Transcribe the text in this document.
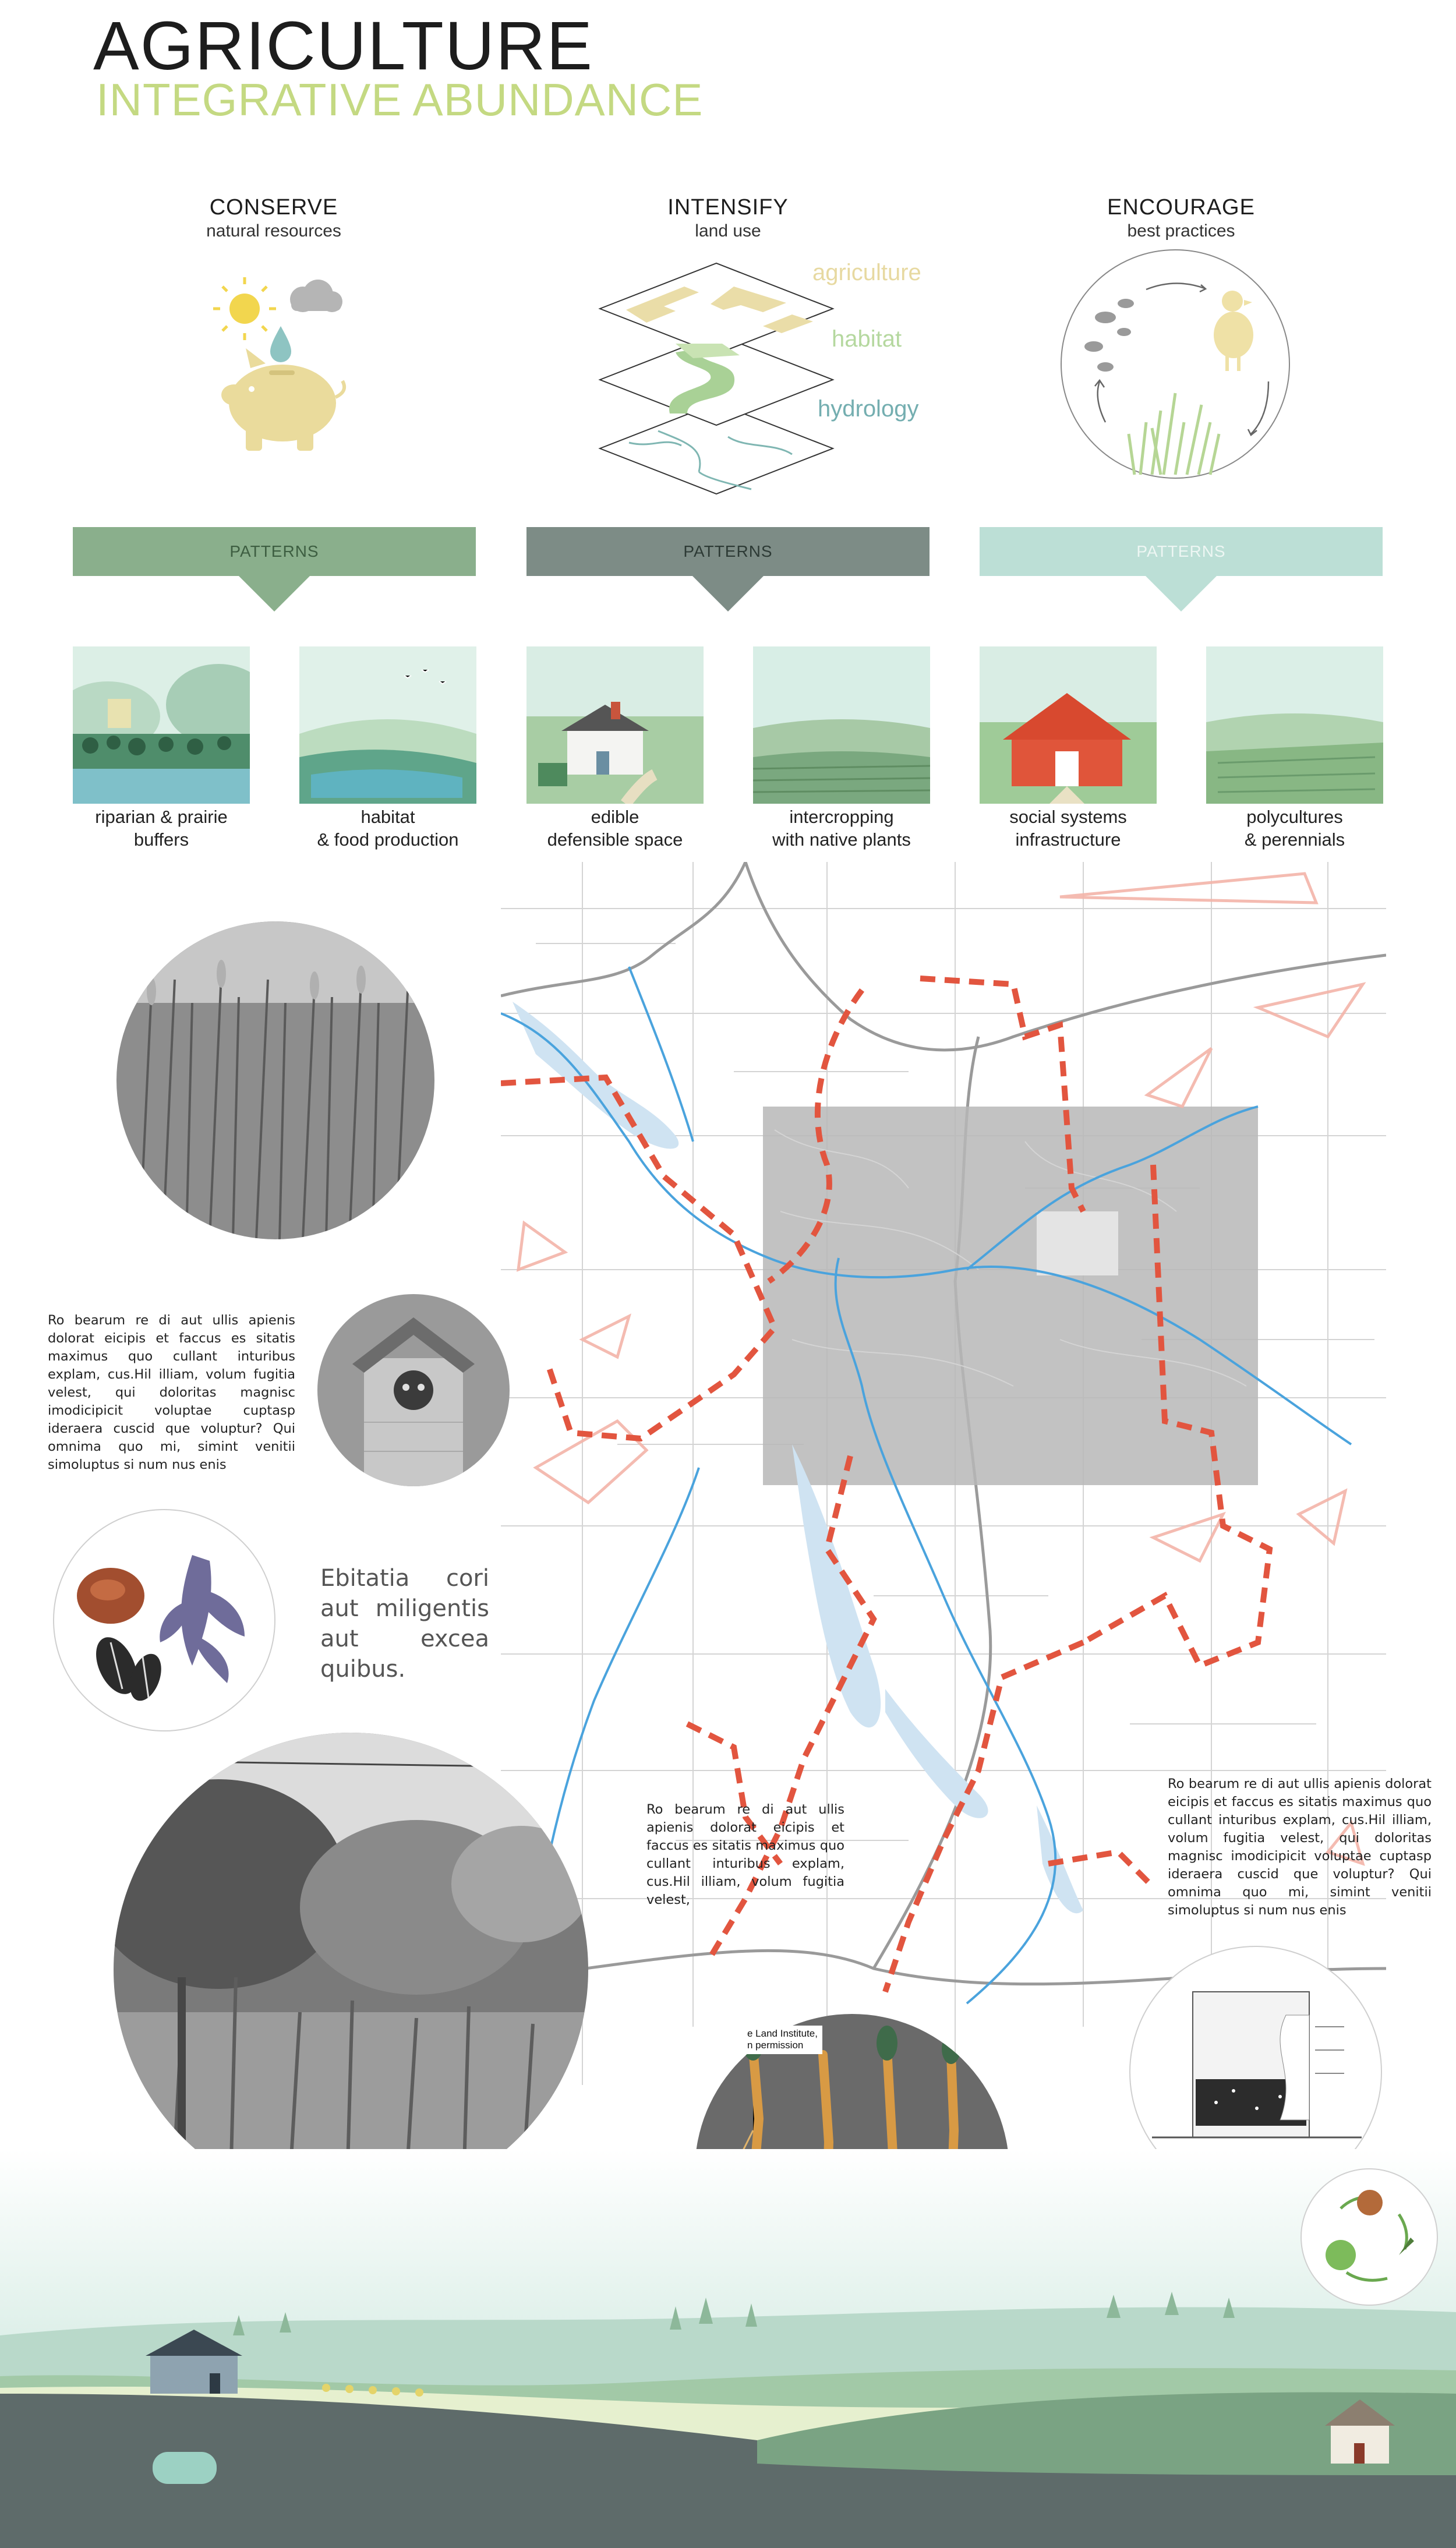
AGRICULTURE
INTEGRATIVE ABUNDANCE
CONSERVE
natural resources
INTENSIFY
land use
ENCOURAGE
best practices
agriculture
habitat
hydrology
PATTERNS	PATTERNS	PATTERNS
riparian & prairie
buffers
habitat
& food production
edible
defensible space
intercropping
with native plants
social systems
infrastructure
polycultures
& perennials
Ro bearum re di aut ullis apienis dolorat eicipis et faccus es sitatis maximus quo cullant inturibus explam, cus.Hil illiam, volum fugitia velest, qui doloritas magnisc imodicipicit voluptae cuptasp ideraera cuscid que voluptur? Qui omnima quo mi, simint venitii simoluptus si num nus enis
Ebitatia cori aut miligentis aut excea quibus.
Ro bearum re di aut ullis apienis dolorat eicipis et faccus es sitatis maximus quo cullant inturibus explam, cus.Hil illiam, volum fugitia velest,
Ro bearum re di aut ullis apienis dolorat eicipis et faccus es sitatis maximus quo cullant inturibus explam, cus.Hil illiam, volum fugitia velest, qui doloritas magnisc imodicipicit voluptae cuptasp ideraera cuscid que voluptur? Qui omnima quo mi, simint venitii simoluptus si num nus enis
e Land Institute,
n permission
